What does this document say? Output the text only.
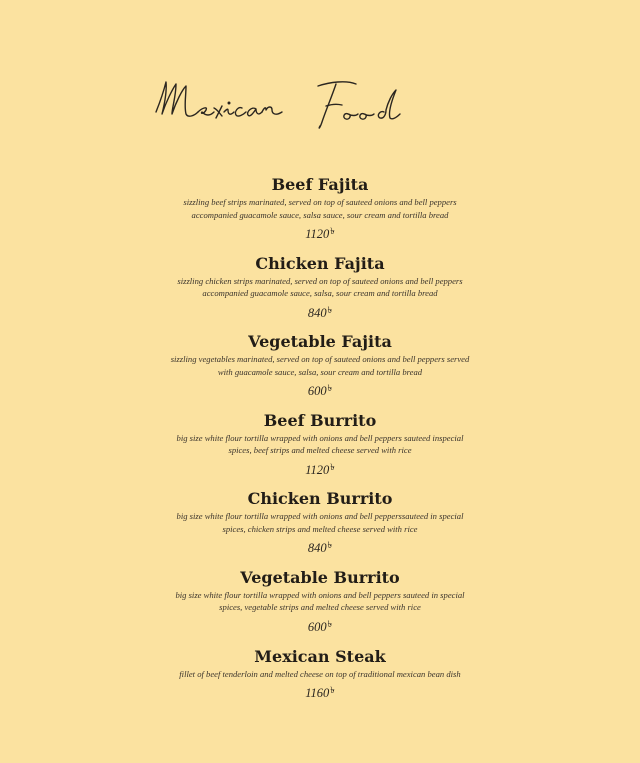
Beef Fajita
sizzling beef strips marinated, served on top of sauteed onions and bell peppers accompanied guacamole sauce, salsa sauce, sour cream and tortilla bread
1120৳
Chicken Fajita
sizzling chicken strips marinated, served on top of sauteed onions and bell peppers accompanied guacamole sauce, salsa, sour cream and tortilla bread
840৳
Vegetable Fajita
sizzling vegetables marinated, served on top of sauteed onions and bell peppers served with guacamole sauce, salsa, sour cream and tortilla bread
600৳
Beef Burrito
big size white flour tortilla wrapped with onions and bell peppers sauteed inspecial spices, beef strips and melted cheese served with rice
1120৳
Chicken Burrito
big size white flour tortilla wrapped with onions and bell pepperssauteed in special spices, chicken strips and melted cheese served with rice
840৳
Vegetable Burrito
big size white flour tortilla wrapped with onions and bell peppers sauteed in special spices, vegetable strips and melted cheese served with rice
600৳
Mexican Steak
fillet of beef tenderloin and melted cheese on top of traditional mexican bean dish
1160৳
